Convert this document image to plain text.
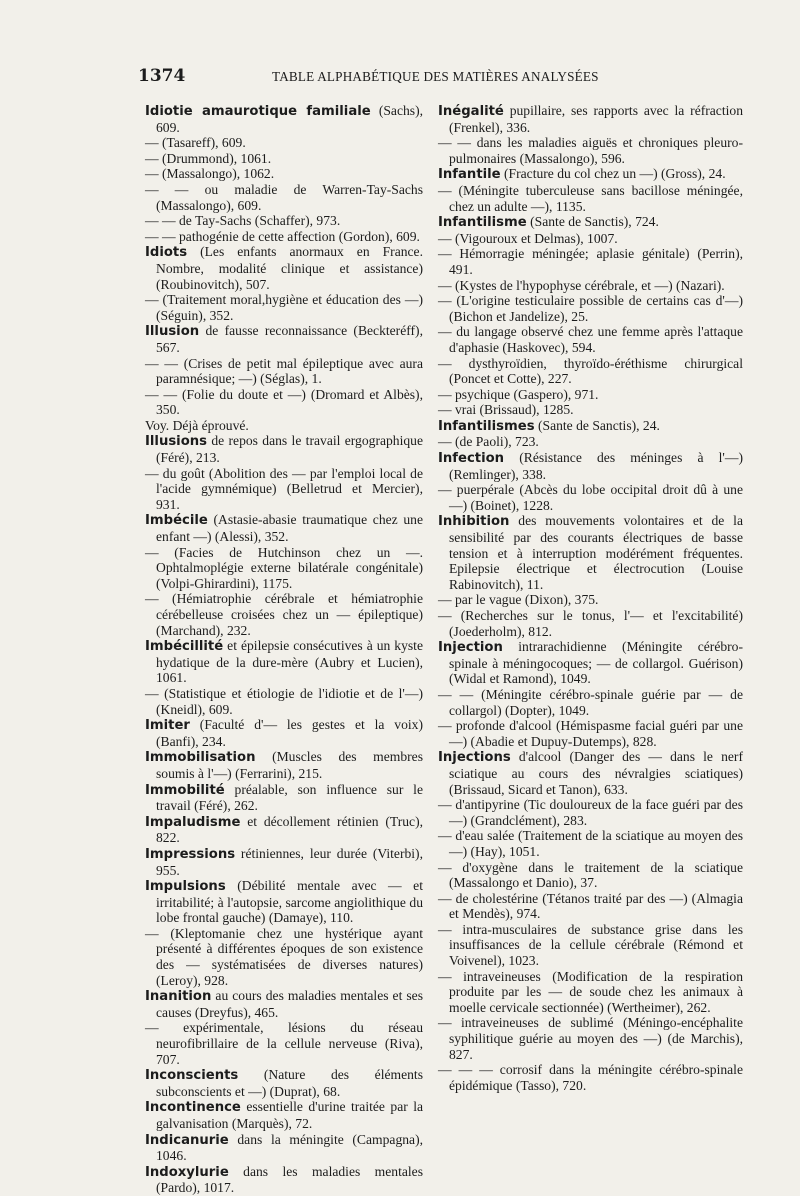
1374	TABLE ALPHABÉTIQUE DES MATIÈRES ANALYSÉES

Idiotie amaurotique familiale (Sachs), 609.

— (Tasareff), 609.

— (Drummond), 1061.

— (Massalongo), 1062.

— — ou maladie de Warren-Tay-Sachs (Massalongo), 609.

— — de Tay-Sachs (Schaffer), 973.

— — pathogénie de cette affection (Gordon), 609.

Idiots (Les enfants anormaux en France. Nombre, modalité clinique et assistance) (Roubinovitch), 507.

— (Traitement moral,hygiène et éducation des —) (Séguin), 352.

Illusion de fausse reconnaissance (Beckteréff), 567.

— — (Crises de petit mal épileptique avec aura paramnésique; —) (Séglas), 1.

— — (Folie du doute et —) (Dromard et Albès), 350.

Voy. Déjà éprouvé.

Illusions de repos dans le travail ergographique (Féré), 213.

— du goût (Abolition des — par l'emploi local de l'acide gymnémique) (Belletrud et Mercier), 931.

Imbécile (Astasie-abasie traumatique chez une enfant —) (Alessi), 352.

— (Facies de Hutchinson chez un —. Ophtalmoplégie externe bilatérale congénitale) (Volpi-Ghirardini), 1175.

— (Hémiatrophie cérébrale et hémiatrophie cérébelleuse croisées chez un — épileptique) (Marchand), 232.

Imbécillité et épilepsie consécutives à un kyste hydatique de la dure-mère (Aubry et Lucien), 1061.

— (Statistique et étiologie de l'idiotie et de l'—) (Kneidl), 609.

Imiter (Faculté d'— les gestes et la voix) (Banfi), 234.

Immobilisation (Muscles des membres soumis à l'—) (Ferrarini), 215.

Immobilité préalable, son influence sur le travail (Féré), 262.

Impaludisme et décollement rétinien (Truc), 822.

Impressions rétiniennes, leur durée (Viterbi), 955.

Impulsions (Débilité mentale avec — et irritabilité; à l'autopsie, sarcome angiolithique du lobe frontal gauche) (Damaye), 110.

— (Kleptomanie chez une hystérique ayant présenté à différentes époques de son existence des — systématisées de diverses natures) (Leroy), 928.

Inanition au cours des maladies mentales et ses causes (Dreyfus), 465.

— expérimentale, lésions du réseau neurofibrillaire de la cellule nerveuse (Riva), 707.

Inconscients (Nature des éléments subconscients et —) (Duprat), 68.

Incontinence essentielle d'urine traitée par la galvanisation (Marquès), 72.

Indicanurie dans la méningite (Campagna), 1046.

Indoxylurie dans les maladies mentales (Pardo), 1017.

Inégalité pupillaire, ses rapports avec la réfraction (Frenkel), 336.

— — dans les maladies aiguës et chroniques pleuro-pulmonaires (Massalongo), 596.

Infantile (Fracture du col chez un —) (Gross), 24.

— (Méningite tuberculeuse sans bacillose méningée, chez un adulte —), 1135.

Infantilisme (Sante de Sanctis), 724.

— (Vigouroux et Delmas), 1007.

— Hémorragie méningée; aplasie génitale) (Perrin), 491.

— (Kystes de l'hypophyse cérébrale, et —) (Nazari).

— (L'origine testiculaire possible de certains cas d'—) (Bichon et Jandelize), 25.

— du langage observé chez une femme après l'attaque d'aphasie (Haskovec), 594.

— dysthyroïdien, thyroïdo-éréthisme chirurgical (Poncet et Cotte), 227.

— psychique (Gaspero), 971.

— vrai (Brissaud), 1285.

Infantilismes (Sante de Sanctis), 24.

— (de Paoli), 723.

Infection (Résistance des méninges à l'—) (Remlinger), 338.

— puerpérale (Abcès du lobe occipital droit dû à une —) (Boinet), 1228.

Inhibition des mouvements volontaires et de la sensibilité par des courants électriques de basse tension et à interruption modérément fréquentes. Epilepsie électrique et électrocution (Louise Rabinovitch), 11.

— par le vague (Dixon), 375.

— (Recherches sur le tonus, l'— et l'excitabilité) (Joederholm), 812.

Injection intrarachidienne (Méningite cérébro-spinale à méningocoques; — de collargol. Guérison) (Widal et Ramond), 1049.

— — (Méningite cérébro-spinale guérie par — de collargol) (Dopter), 1049.

— profonde d'alcool (Hémispasme facial guéri par une —) (Abadie et Dupuy-Dutemps), 828.

Injections d'alcool (Danger des — dans le nerf sciatique au cours des névralgies sciatiques) (Brissaud, Sicard et Tanon), 633.

— d'antipyrine (Tic douloureux de la face guéri par des —) (Grandclément), 283.

— d'eau salée (Traitement de la sciatique au moyen des —) (Hay), 1051.

— d'oxygène dans le traitement de la sciatique (Massalongo et Danio), 37.

— de cholestérine (Tétanos traité par des —) (Almagia et Mendès), 974.

— intra-musculaires de substance grise dans les insuffisances de la cellule cérébrale (Rémond et Voivenel), 1023.

— intraveineuses (Modification de la respiration produite par les — de soude chez les animaux à moelle cervicale sectionnée) (Wertheimer), 262.

— intraveineuses de sublimé (Méningo-encéphalite syphilitique guérie au moyen des —) (de Marchis), 827.

— — — corrosif dans la méningite cérébro-spinale épidémique (Tasso), 720.
